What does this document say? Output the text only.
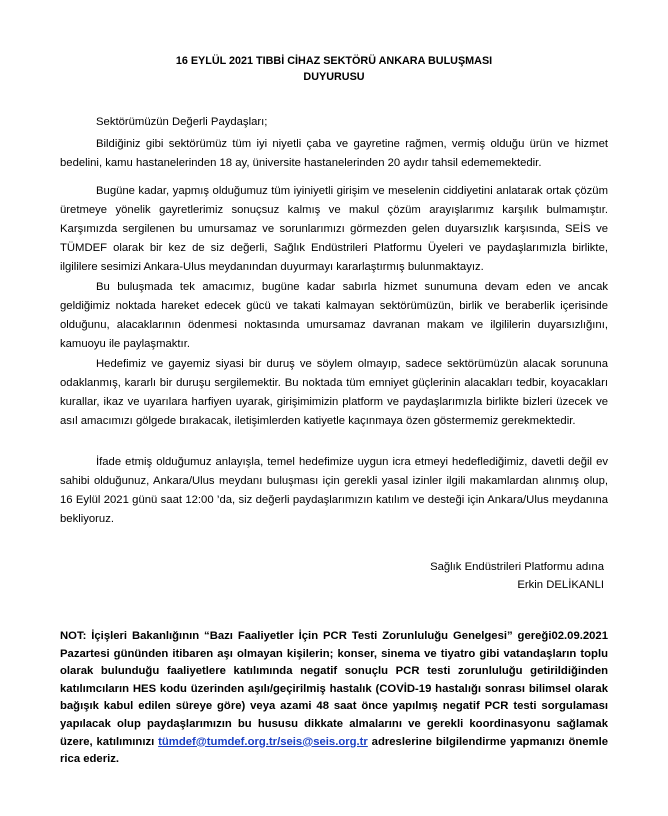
16 EYLÜL 2021 TIBBİ CİHAZ SEKTÖRÜ ANKARA BULUŞMASI
DUYURUSU

Sektörümüzün Değerli Paydaşları;

Bildiğiniz gibi sektörümüz tüm iyi niyetli çaba ve gayretine rağmen, vermiş olduğu ürün ve hizmet bedelini, kamu hastanelerinden 18 ay, üniversite hastanelerinden 20 aydır tahsil edememektedir.

Bugüne kadar, yapmış olduğumuz tüm iyiniyetli girişim ve meselenin ciddiyetini anlatarak ortak çözüm üretmeye yönelik gayretlerimiz sonuçsuz kalmış ve makul çözüm arayışlarımız karşılık bulmamıştır. Karşımızda sergilenen bu umursamaz ve sorunlarımızı görmezden gelen duyarsızlık karşısında, SEİS ve TÜMDEF olarak bir kez de siz değerli, Sağlık Endüstrileri Platformu Üyeleri ve paydaşlarımızla birlikte, ilgililere sesimizi Ankara-Ulus meydanından duyurmayı kararlaştırmış bulunmaktayız.

Bu buluşmada tek amacımız, bugüne kadar sabırla hizmet sunumuna devam eden ve ancak geldiğimiz noktada hareket edecek gücü ve takati kalmayan sektörümüzün, birlik ve beraberlik içerisinde olduğunu, alacaklarının ödenmesi noktasında umursamaz davranan makam ve ilgililerin duyarsızlığını, kamuoyu ile paylaşmaktır.

Hedefimiz ve gayemiz siyasi bir duruş ve söylem olmayıp, sadece sektörümüzün alacak sorununa odaklanmış, kararlı bir duruşu sergilemektir. Bu noktada tüm emniyet güçlerinin alacakları tedbir, koyacakları kurallar, ikaz ve uyarılara harfiyen uyarak, girişimimizin platform ve paydaşlarımızla birlikte bizleri üzecek ve asıl amacımızı gölgede bırakacak, iletişimlerden katiyetle kaçınmaya özen göstermemiz gerekmektedir.

İfade etmiş olduğumuz anlayışla, temel hedefimize uygun icra etmeyi hedeflediğimiz, davetli değil ev sahibi olduğunuz, Ankara/Ulus meydanı buluşması için gerekli yasal izinler ilgili makamlardan alınmış olup, 16 Eylül 2021 günü saat 12:00 ’da, siz değerli paydaşlarımızın katılım ve desteği için Ankara/Ulus meydanına bekliyoruz.

Sağlık Endüstrileri Platformu adına
Erkin DELİKANLI

NOT: İçişleri Bakanlığının “Bazı Faaliyetler İçin PCR Testi Zorunluluğu Genelgesi” gereği02.09.2021 Pazartesi gününden itibaren aşı olmayan kişilerin; konser, sinema ve tiyatro gibi vatandaşların toplu olarak bulunduğu faaliyetlere katılımında negatif sonuçlu PCR testi zorunluluğu getirildiğinden katılımcıların HES kodu üzerinden aşılı/geçirilmiş hastalık (COVİD-19 hastalığı sonrası bilimsel olarak bağışık kabul edilen süreye göre) veya azami 48 saat önce yapılmış negatif PCR testi sorgulaması yapılacak olup paydaşlarımızın bu hususu dikkate almalarını ve gerekli koordinasyonu sağlamak üzere, katılımınızı tümdef@tumdef.org.tr/seis@seis.org.tr adreslerine bilgilendirme yapmanızı önemle rica ederiz.
